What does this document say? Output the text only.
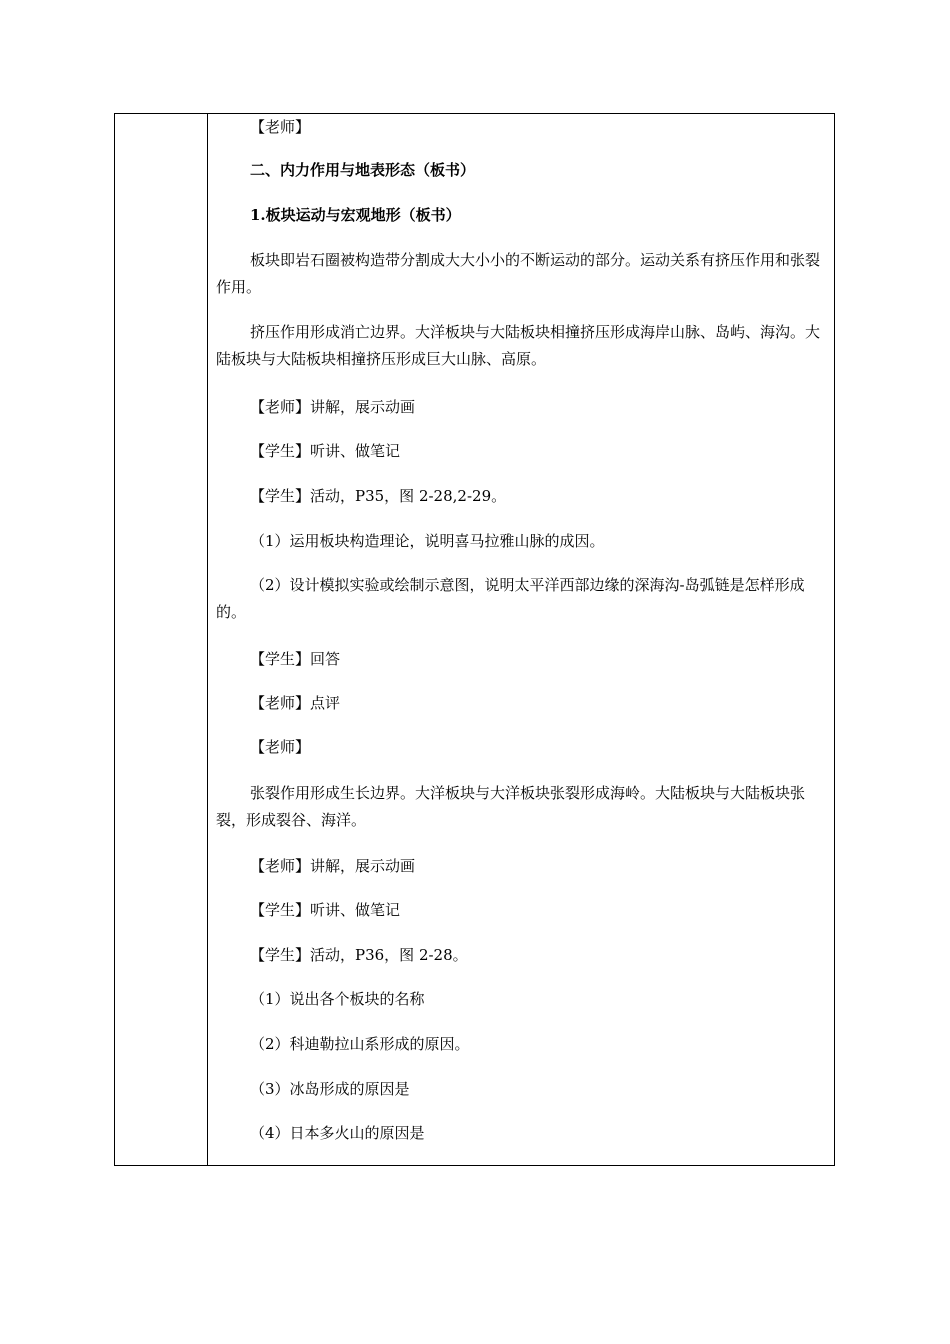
【老师】
二、内力作用与地表形态（板书）
1.板块运动与宏观地形（板书）
板块即岩石圈被构造带分割成大大小小的不断运动的部分。运动关系有挤压作用和张裂作用。
挤压作用形成消亡边界。大洋板块与大陆板块相撞挤压形成海岸山脉、岛屿、海沟。大陆板块与大陆板块相撞挤压形成巨大山脉、高原。
【老师】讲解，展示动画
【学生】听讲、做笔记
【学生】活动，P35，图 2-28,2-29。
（1）运用板块构造理论，说明喜马拉雅山脉的成因。
（2）设计模拟实验或绘制示意图，说明太平洋西部边缘的深海沟-岛弧链是怎样形成的。
【学生】回答
【老师】点评
【老师】
张裂作用形成生长边界。大洋板块与大洋板块张裂形成海岭。大陆板块与大陆板块张裂，形成裂谷、海洋。
【老师】讲解，展示动画
【学生】听讲、做笔记
【学生】活动，P36，图 2-28。
（1）说出各个板块的名称
（2）科迪勒拉山系形成的原因。
（3）冰岛形成的原因是
（4）日本多火山的原因是
